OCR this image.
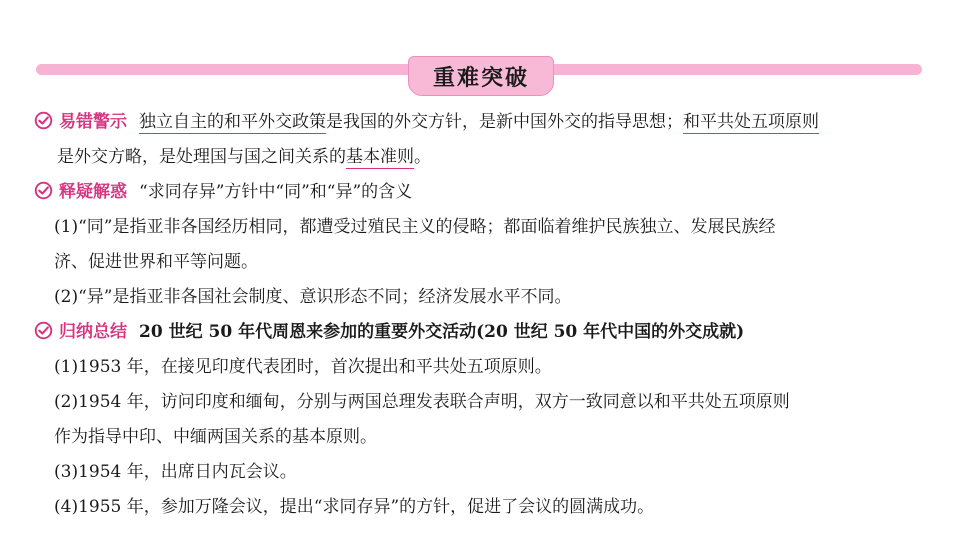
重难突破
易错警示 独立自主的和平外交政策是我国的外交方针，是新中国外交的指导思想；和平共处五项原则
是外交方略，是处理国与国之间关系的基本准则。
释疑解惑 “求同存异”方针中“同”和“异”的含义
(1)“同”是指亚非各国经历相同，都遭受过殖民主义的侵略；都面临着维护民族独立、发展民族经
济、促进世界和平等问题。
(2)“异”是指亚非各国社会制度、意识形态不同；经济发展水平不同。
归纳总结 20 世纪 50 年代周恩来参加的重要外交活动(20 世纪 50 年代中国的外交成就)
(1)1953 年，在接见印度代表团时，首次提出和平共处五项原则。
(2)1954 年，访问印度和缅甸，分别与两国总理发表联合声明，双方一致同意以和平共处五项原则
作为指导中印、中缅两国关系的基本原则。
(3)1954 年，出席日内瓦会议。
(4)1955 年，参加万隆会议，提出“求同存异”的方针，促进了会议的圆满成功。
